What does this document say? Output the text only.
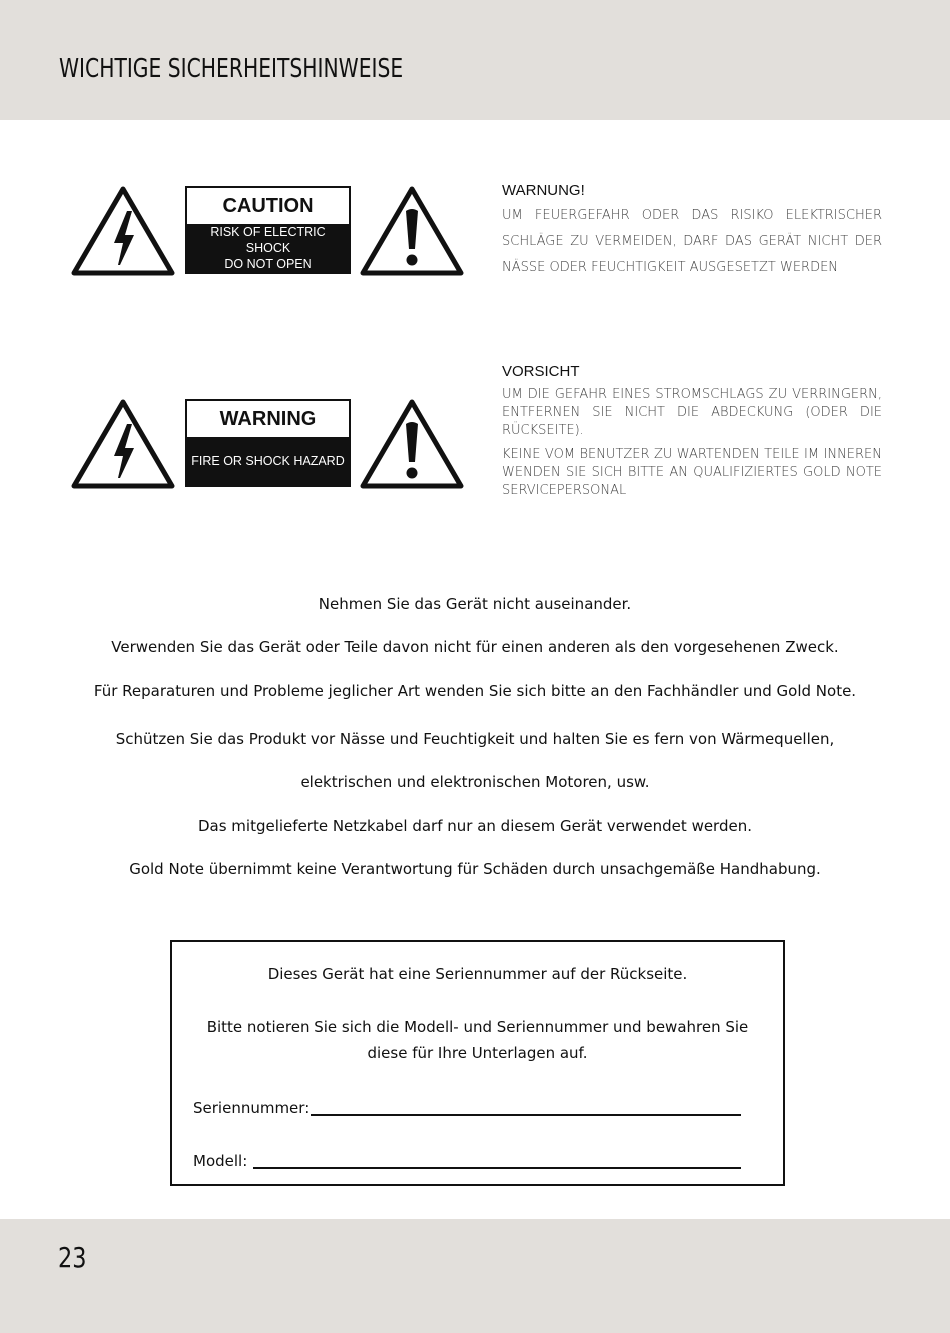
WICHTIGE SICHERHEITSHINWEISE
CAUTION
RISK OF ELECTRIC SHOCK
DO NOT OPEN
WARNUNG!
UM FEUERGEFAHR ODER DAS RISIKO ELEKTRISCHER SCHLÄGE ZU VERMEIDEN, DARF DAS GERÄT NICHT DER NÄSSE ODER FEUCHTIGKEIT AUSGESETZT WERDEN
WARNING
FIRE OR SHOCK HAZARD
VORSICHT
UM DIE GEFAHR EINES STROMSCHLAGS ZU VERRINGERN, ENTFERNEN SIE NICHT DIE ABDECKUNG (ODER DIE RÜCKSEITE).
KEINE VOM BENUTZER ZU WARTENDEN TEILE IM INNEREN WENDEN SIE SICH BITTE AN QUALIFIZIERTES GOLD NOTE SERVICEPERSONAL

Nehmen Sie das Gerät nicht auseinander.

Verwenden Sie das Gerät oder Teile davon nicht für einen anderen als den vorgesehenen Zweck.

Für Reparaturen und Probleme jeglicher Art wenden Sie sich bitte an den Fachhändler und Gold Note.

Schützen Sie das Produkt vor Nässe und Feuchtigkeit und halten Sie es fern von Wärmequellen,

elektrischen und elektronischen Motoren, usw.

Das mitgelieferte Netzkabel darf nur an diesem Gerät verwendet werden.

Gold Note übernimmt keine Verantwortung für Schäden durch unsachgemäße Handhabung.

Dieses Gerät hat eine Seriennummer auf der Rückseite.

Bitte notieren Sie sich die Modell- und Seriennummer und bewahren Sie

diese für Ihre Unterlagen auf.

Seriennummer:
Modell:
23
